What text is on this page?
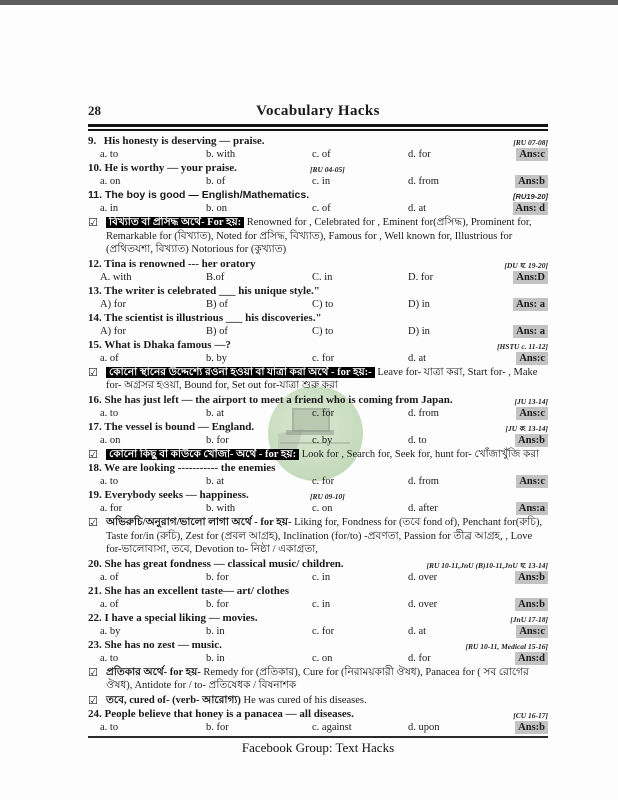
28	Vocabulary Hacks
9. His honesty is deserving — praise.	[RU 07-08]
a. to	b. with	c. of	d. for	Ans:c
10. He is worthy — your praise.	[RU 04-05]
a. on	b. of	c. in	d. from	Ans:b
11. The boy is good — English/Mathematics.	[RU19-20]
a. in	b. on	c. of	d. at	Ans: d
☑ বিখ্যাত বা প্রসিদ্ধ অর্থে- For হয়: Renowned for , Celebrated for , Eminent for(প্রসিদ্ধ), Prominent for, Remarkable for (বিখ্যাত), Noted for প্রসিদ্ধ, বিখ্যাত), Famous for , Well known for, Illustrious for (প্রথিতযশা, বিখ্যাত) Notorious for (কুখ্যাত)
12. Tina is renowned --- her oratory	[DU ঘ. 19-20]
A. with	B.of	C. in	D. for	Ans:D
13. The writer is celebrated ___ his unique style."
A) for	B) of	C) to	D) in	Ans: a
14. The scientist is illustrious ___ his discoveries."
A) for	B) of	C) to	D) in	Ans: a
15. What is Dhaka famous —?	[HSTU c. 11-12]
a. of	b. by	c. for	d. at	Ans:c
☑ কোনো স্থানের উদ্দেশ্যে রওনা হওয়া বা যাত্রা করা অর্থে - for হয়:- Leave for- যাত্রা করা, Start for- , Make for- অগ্রসর হওয়া, Bound for, Set out for-যাত্রা শুরু করা
16. She has just left — the airport to meet a friend who is coming from Japan.	[JU 13-14]
a. to	b. at	c. for	d. from	Ans:c
17. The vessel is bound — England.	[JU ক. 13-14]
a. on	b. for	c. by	d. to	Ans:b
☑ কোনো কিছু বা কাউকে খোঁজা- অর্থে - for হয়: Look for , Search for, Seek for, hunt for- খোঁজাখুঁজি করা
18. We are looking ----------- the enemies
a. to	b. at	c. for	d. from	Ans:c
19. Everybody seeks — happiness.	[RU 09-10]
a. for	b. with	c. on	d. after	Ans:a
☑ অভিরুচি/অনুরাগ/ভালো লাগা অর্থে - for হয়- Liking for, Fondness for (তবে fond of), Penchant for(রুচি), Taste for/in (রুচি), Zest for (প্রবল আগ্রহ), Inclination (for/to) -প্রবণতা, Passion for তীব্র আগ্রহ, , Love for-ভালোবাসা, তবে, Devotion to- নিষ্ঠা / একাগ্রতা,
20. She has great fondness — classical music/ children.	[RU 10-11,JnU (B)10-11,JnU ঘ. 13-14]
a. of	b. for	c. in	d. over	Ans:b
21. She has an excellent taste— art/ clothes
a. of	b. for	c. in	d. over	Ans:b
22. I have a special liking — movies.	[JnU 17-18]
a. by	b. in	c. for	d. at	Ans:c
23. She has no zest — music.	[RU 10-11, Medical 15-16]
a. to	b. in	c. on	d. for	Ans:d
☑ প্রতিকার অর্থে- for হয়- Remedy for (প্রতিকার), Cure for (নিরাময়কারী ঔষধ), Panacea for ( সব রোগের ঔষধ), Antidote for / to- প্রতিষেধক / বিষনাশক
☑ তবে, cured of- (verb- আরোগ্য) He was cured of his diseases.
24. People believe that honey is a panacea — all diseases.	[CU 16-17]
a. to	b. for	c. against	d. upon	Ans:b
Facebook Group: Text Hacks
